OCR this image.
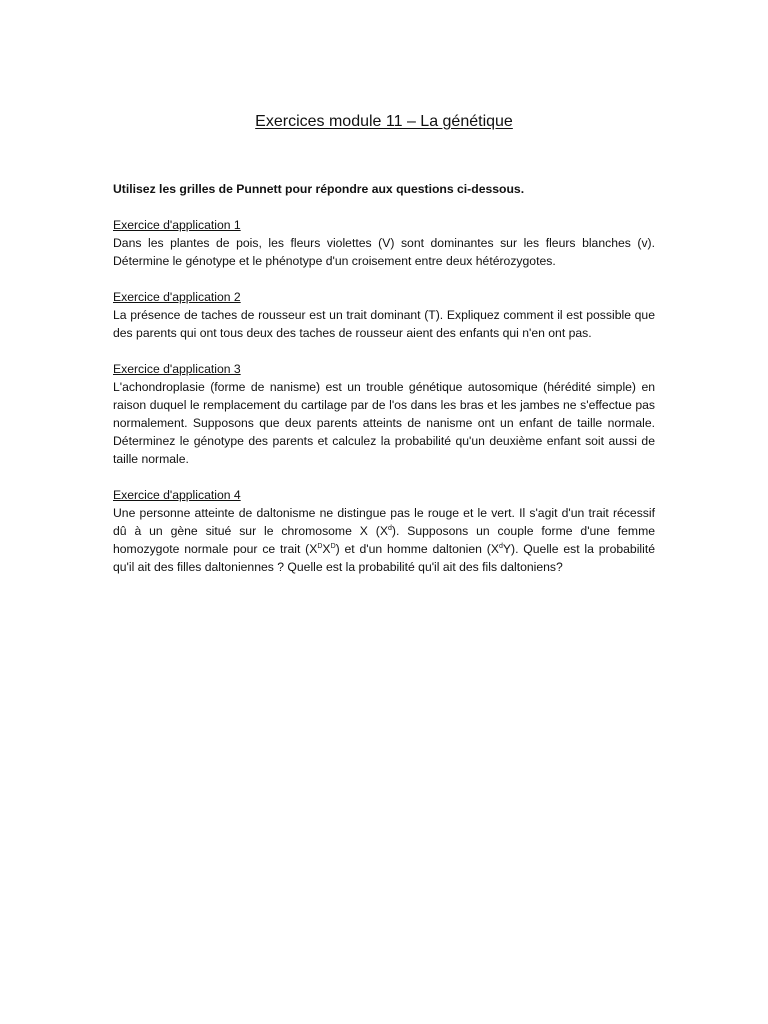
Exercices module 11 – La génétique

Utilisez les grilles de Punnett pour répondre aux questions ci-dessous.

Exercice d'application 1

Dans les plantes de pois, les fleurs violettes (V) sont dominantes sur les fleurs blanches (v). Détermine le génotype et le phénotype d'un croisement entre deux hétérozygotes.

Exercice d'application 2

La présence de taches de rousseur est un trait dominant (T). Expliquez comment il est possible que des parents qui ont tous deux des taches de rousseur aient des enfants qui n'en ont pas.

Exercice d'application 3

L'achondroplasie (forme de nanisme) est un trouble génétique autosomique (hérédité simple) en raison duquel le remplacement du cartilage par de l'os dans les bras et les jambes ne s'effectue pas normalement. Supposons que deux parents atteints de nanisme ont un enfant de taille normale. Déterminez le génotype des parents et calculez la probabilité qu'un deuxième enfant soit aussi de taille normale.

Exercice d'application 4

Une personne atteinte de daltonisme ne distingue pas le rouge et le vert. Il s'agit d'un trait récessif dû à un gène situé sur le chromosome X $(X^d)$. Supposons un couple forme d'une femme homozygote normale pour ce trait $(X^DX^D)$ et d'un homme daltonien $(X^dY)$. Quelle est la probabilité qu'il ait des filles daltoniennes ? Quelle est la probabilité qu'il ait des fils daltoniens?
